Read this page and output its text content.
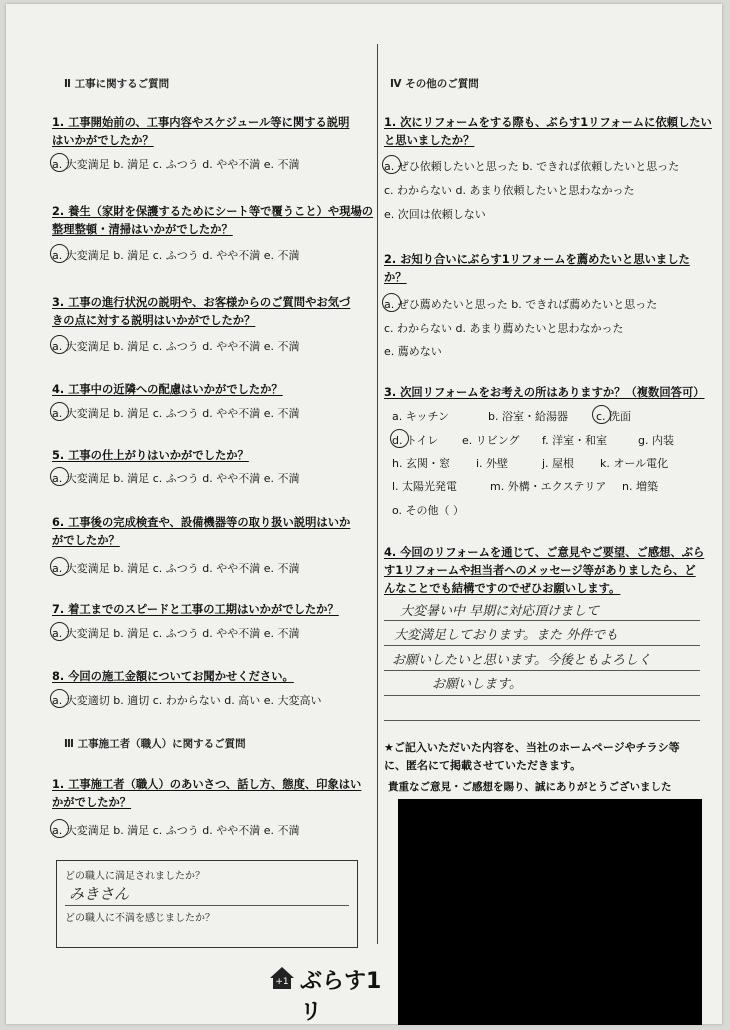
Ⅱ 工事に関するご質問
1. 工事開始前の、工事内容やスケジュール等に関する説明
はいかがでしたか？
a. 大変満足 b. 満足 c. ふつう d. やや不満 e. 不満
2. 養生（家財を保護するためにシート等で覆うこと）や現場の
整理整頓・清掃はいかがでしたか？
a. 大変満足 b. 満足 c. ふつう d. やや不満 e. 不満
3. 工事の進行状況の説明や、お客様からのご質問やお気づ
きの点に対する説明はいかがでしたか？
a. 大変満足 b. 満足 c. ふつう d. やや不満 e. 不満
4. 工事中の近隣への配慮はいかがでしたか？
a. 大変満足 b. 満足 c. ふつう d. やや不満 e. 不満
5. 工事の仕上がりはいかがでしたか？
a. 大変満足 b. 満足 c. ふつう d. やや不満 e. 不満
6. 工事後の完成検査や、設備機器等の取り扱い説明はいか
がでしたか？
a. 大変満足 b. 満足 c. ふつう d. やや不満 e. 不満
7. 着工までのスピードと工事の工期はいかがでしたか？
a. 大変満足 b. 満足 c. ふつう d. やや不満 e. 不満
8. 今回の施工金額についてお聞かせください。
a. 大変適切 b. 適切 c. わからない d. 高い e. 大変高い
Ⅲ 工事施工者（職人）に関するご質問
1. 工事施工者（職人）のあいさつ、話し方、態度、印象はい
かがでしたか？
a. 大変満足 b. 満足 c. ふつう d. やや不満 e. 不満
どの職人に満足されましたか？
みきさん
どの職人に不満を感じましたか？
Ⅳ その他のご質問
1. 次にリフォームをする際も、ぶらす1リフォームに依頼したい
と思いましたか？
a. ぜひ依頼したいと思った b. できれば依頼したいと思った
c. わからない d. あまり依頼したいと思わなかった
e. 次回は依頼しない
2. お知り合いにぶらす1リフォームを薦めたいと思いました
か？
a. ぜひ薦めたいと思った b. できれば薦めたいと思った
c. わからない d. あまり薦めたいと思わなかった
e. 薦めない
3. 次回リフォームをお考えの所はありますか？（複数回答可）
a. キッチン	b. 浴室・給湯器	c. 洗面
d. トイレ e. リビング f. 洋室・和室	g. 内装
h. 玄関・窓 i. 外壁	j. 屋根 k. オール電化
l. 太陽光発電	m. 外構・エクステリア n. 増築
o. その他（ ）
4. 今回のリフォームを通じて、ご意見やご要望、ご感想、ぶら
す1リフォームや担当者へのメッセージ等がありましたら、ど
んなことでも結構ですのでぜひお願いします。
大変暑い中 早期に対応頂けまして
大変満足しております。また 外件でも
お願いしたいと思います。今後ともよろしく
お願いします。
★ご記入いただいた内容を、当社のホームページやチラシ等
に、匿名にて掲載させていただきます。
貴重なご意見・ご感想を賜り、誠にありがとうございました
+1 ぶらす1リ
